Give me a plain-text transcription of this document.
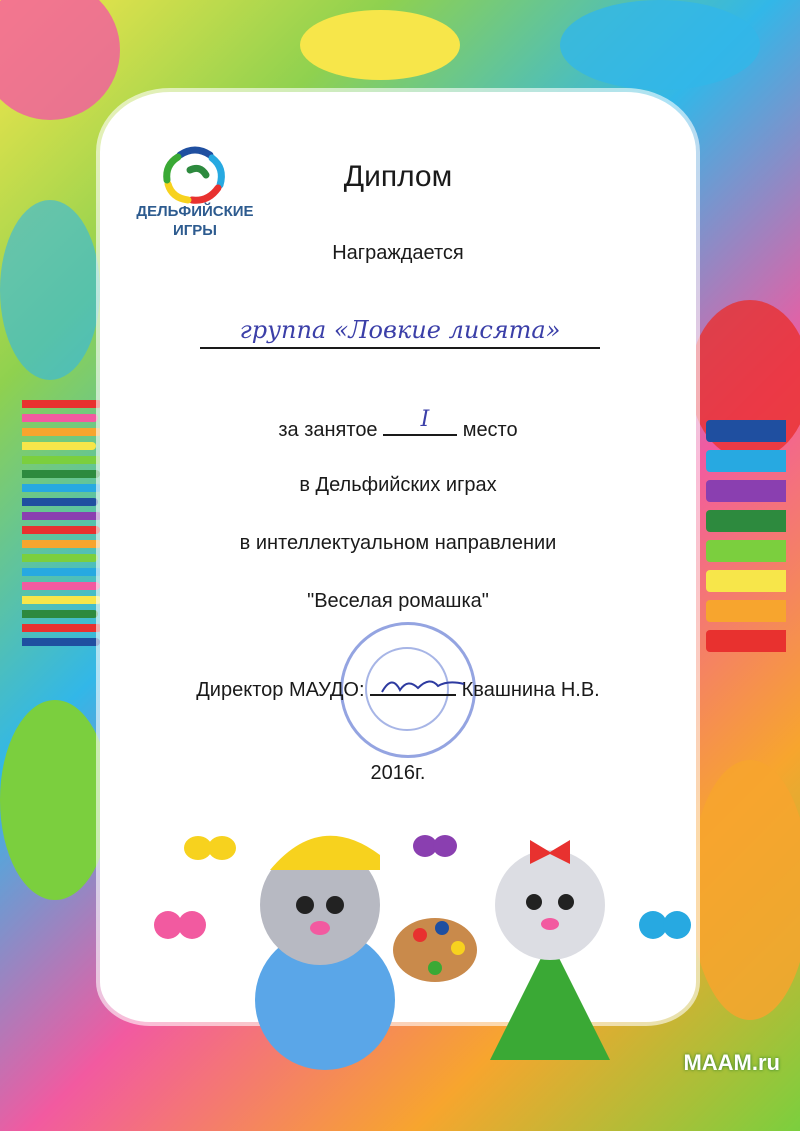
ДЕЛЬФИЙСКИЕ
ИГРЫ
Диплом
Награждается
группа «Ловкие лисята»
за занятое	место
I
в Дельфийских играх
в интеллектуальном направлении
"Веселая ромашка"
Директор МАУДО:	Квашнина Н.В.
2016г.
MAAM.ru
